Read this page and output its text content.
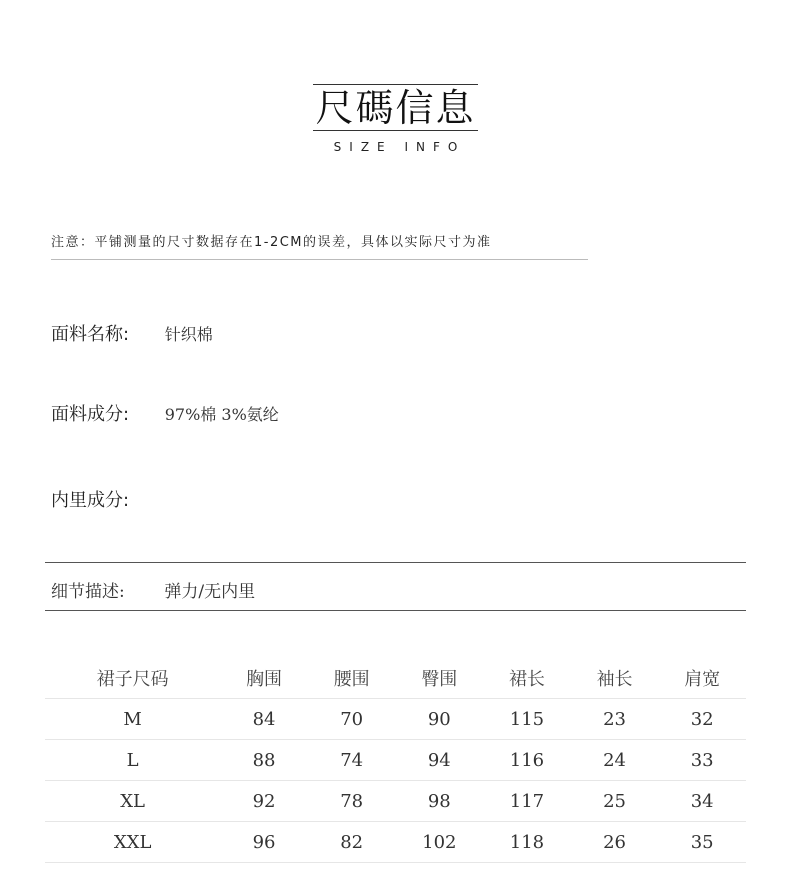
尺碼信息
SIZE INFO
注意：平铺测量的尺寸数据存在1-2CM的误差，具体以实际尺寸为准
面料名称: 针织棉
面料成分: 97%棉 3%氨纶
内里成分:
细节描述: 弹力/无内里
裙子尺码	胸围	腰围	臀围	裙长	袖长	肩宽
M	84	70	90	115	23	32
L	88	74	94	116	24	33
XL	92	78	98	117	25	34
XXL	96	82	102	118	26	35
